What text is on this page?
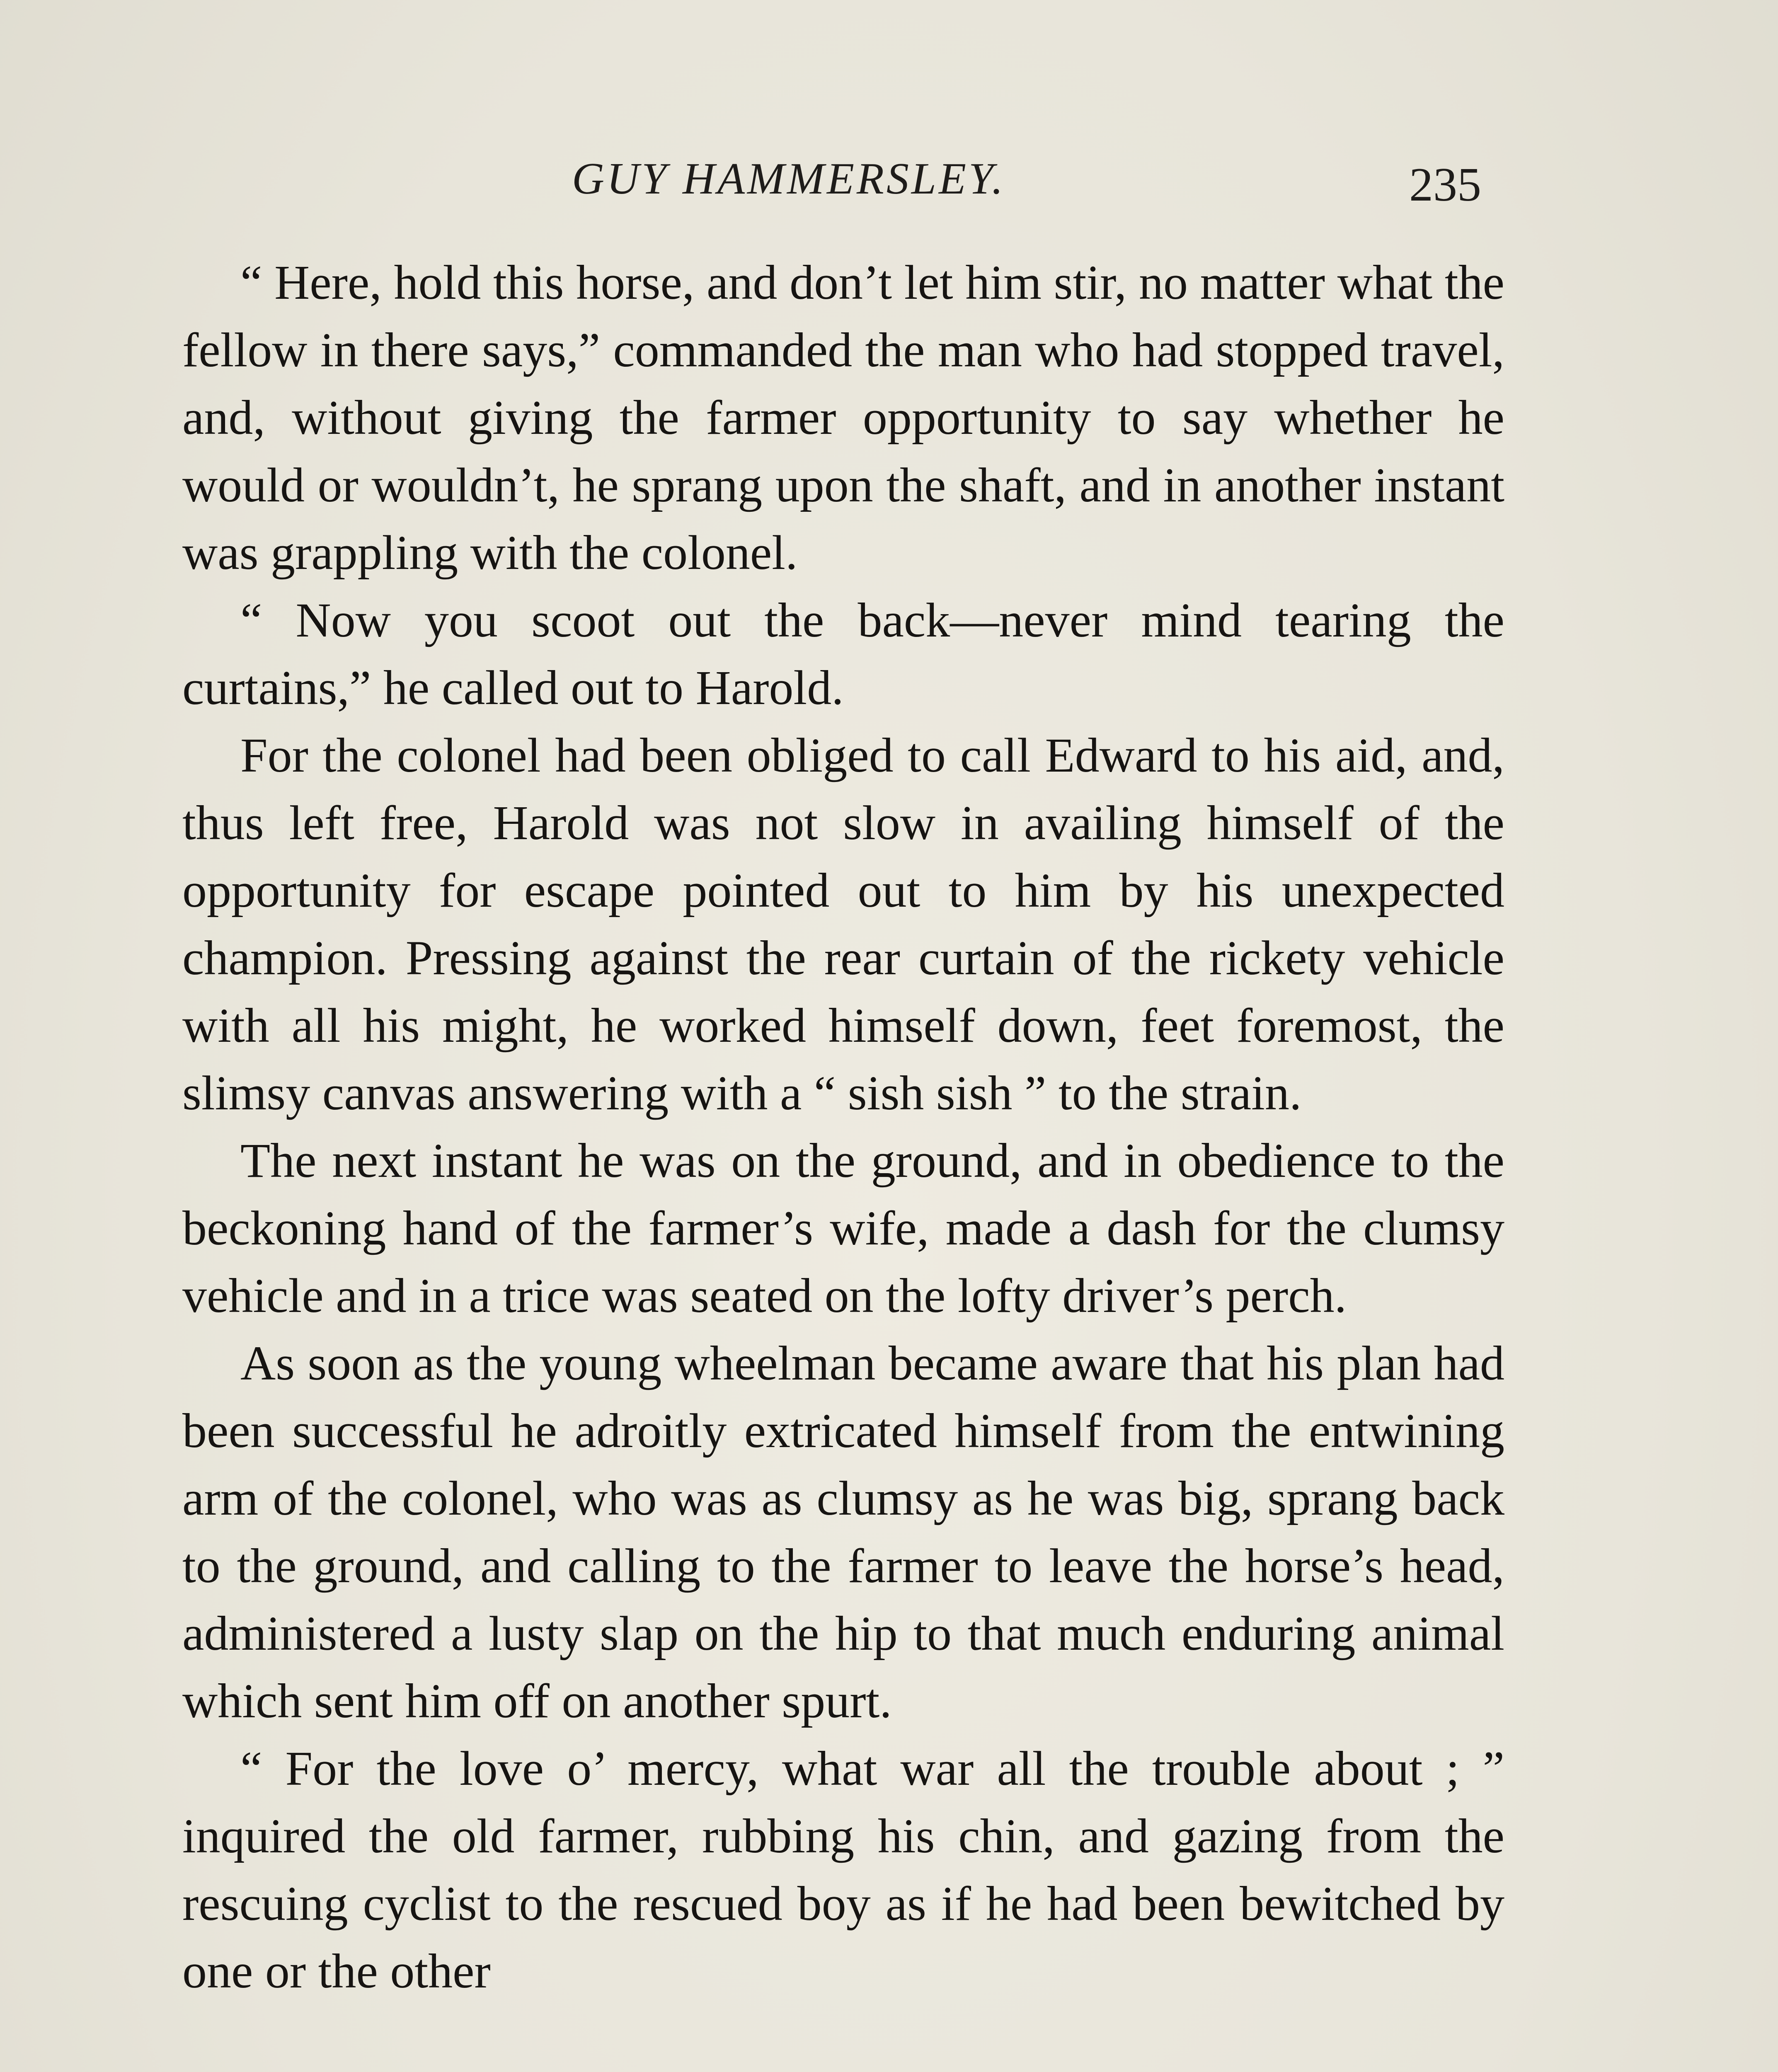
GUY HAMMERSLEY.	235

“ Here, hold this horse, and don’t let him stir, no matter what the fellow in there says,” commanded the man who had stopped travel, and, without giving the farmer opportunity to say whether he would or wouldn’t, he sprang upon the shaft, and in another instant was grappling with the colonel.

“ Now you scoot out the back—never mind tearing the curtains,” he called out to Harold.

For the colonel had been obliged to call Edward to his aid, and, thus left free, Harold was not slow in availing himself of the opportunity for escape pointed out to him by his unexpected champion. Pressing against the rear curtain of the rickety vehicle with all his might, he worked himself down, feet foremost, the slimsy canvas answering with a “ sish sish ” to the strain.

The next instant he was on the ground, and in obedience to the beckoning hand of the farmer’s wife, made a dash for the clumsy vehicle and in a trice was seated on the lofty driver’s perch.

As soon as the young wheelman became aware that his plan had been successful he adroitly extricated himself from the entwining arm of the colonel, who was as clumsy as he was big, sprang back to the ground, and calling to the farmer to leave the horse’s head, administered a lusty slap on the hip to that much enduring animal which sent him off on another spurt.

“ For the love o’ mercy, what war all the trouble about ; ” inquired the old farmer, rubbing his chin, and gazing from the rescuing cyclist to the rescued boy as if he had been bewitched by one or the other
